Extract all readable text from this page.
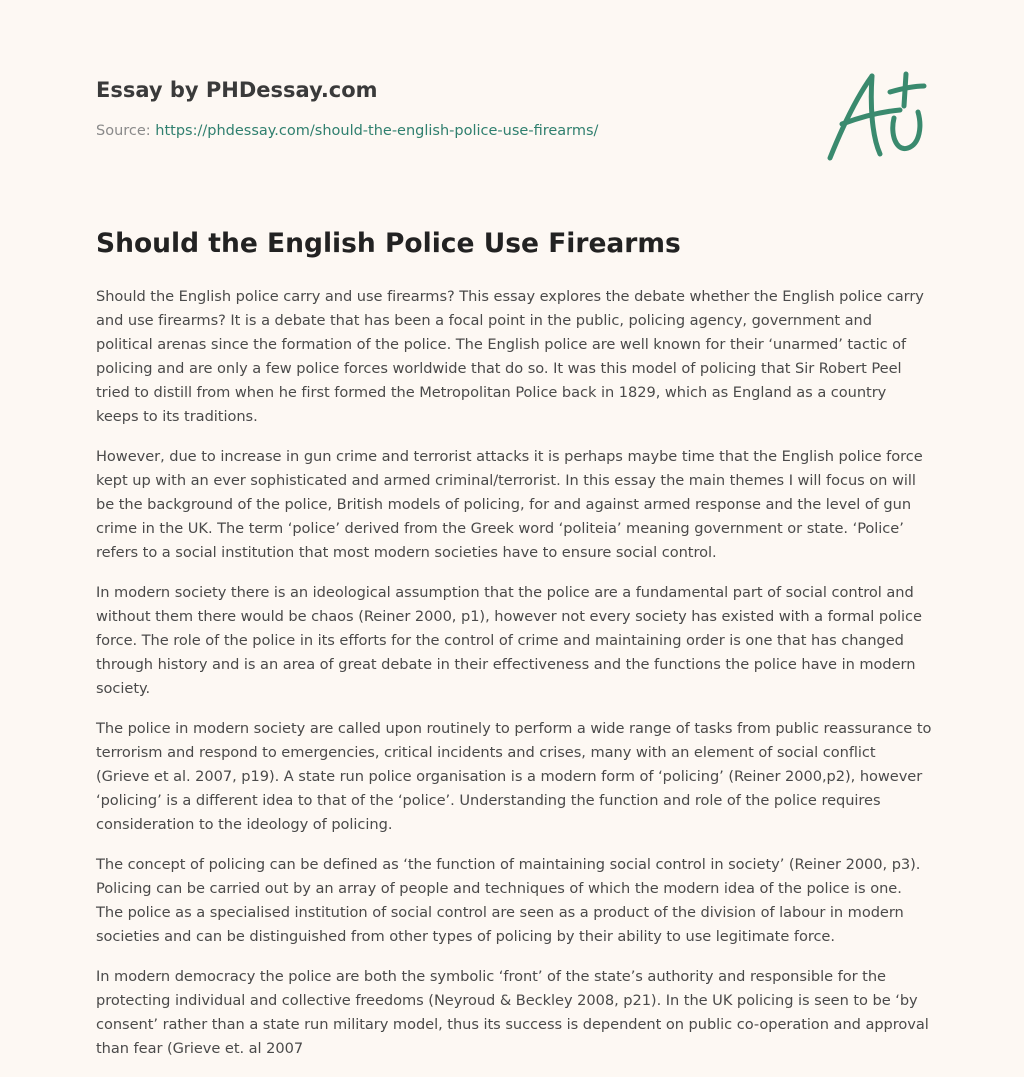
Essay by PHDessay.com
Source: https://phdessay.com/should-the-english-police-use-firearms/
Should the English Police Use Firearms

Should the English police carry and use firearms? This essay explores the debate whether the English police carry and use firearms? It is a debate that has been a focal point in the public, policing agency, government and political arenas since the formation of the police. The English police are well known for their ‘unarmed’ tactic of policing and are only a few police forces worldwide that do so. It was this model of policing that Sir Robert Peel tried to distill from when he first formed the Metropolitan Police back in 1829, which as England as a country keeps to its traditions.

However, due to increase in gun crime and terrorist attacks it is perhaps maybe time that the English police force kept up with an ever sophisticated and armed criminal/terrorist. In this essay the main themes I will focus on will be the background of the police, British models of policing, for and against armed response and the level of gun crime in the UK. The term ‘police’ derived from the Greek word ‘politeia’ meaning government or state. ‘Police’ refers to a social institution that most modern societies have to ensure social control.

In modern society there is an ideological assumption that the police are a fundamental part of social control and without them there would be chaos (Reiner 2000, p1), however not every society has existed with a formal police force. The role of the police in its efforts for the control of crime and maintaining order is one that has changed through history and is an area of great debate in their effectiveness and the functions the police have in modern society.

The police in modern society are called upon routinely to perform a wide range of tasks from public reassurance to terrorism and respond to emergencies, critical incidents and crises, many with an element of social conflict (Grieve et al. 2007, p19). A state run police organisation is a modern form of ‘policing’ (Reiner 2000,p2), however ‘policing’ is a different idea to that of the ‘police’. Understanding the function and role of the police requires consideration to the ideology of policing.

The concept of policing can be defined as ‘the function of maintaining social control in society’ (Reiner 2000, p3). Policing can be carried out by an array of people and techniques of which the modern idea of the police is one. The police as a specialised institution of social control are seen as a product of the division of labour in modern societies and can be distinguished from other types of policing by their ability to use legitimate force.

In modern democracy the police are both the symbolic ‘front’ of the state’s authority and responsible for the protecting individual and collective freedoms (Neyroud & Beckley 2008, p21). In the UK policing is seen to be ‘by consent’ rather than a state run military model, thus its success is dependent on public co-operation and approval than fear (Grieve et. al 2007
